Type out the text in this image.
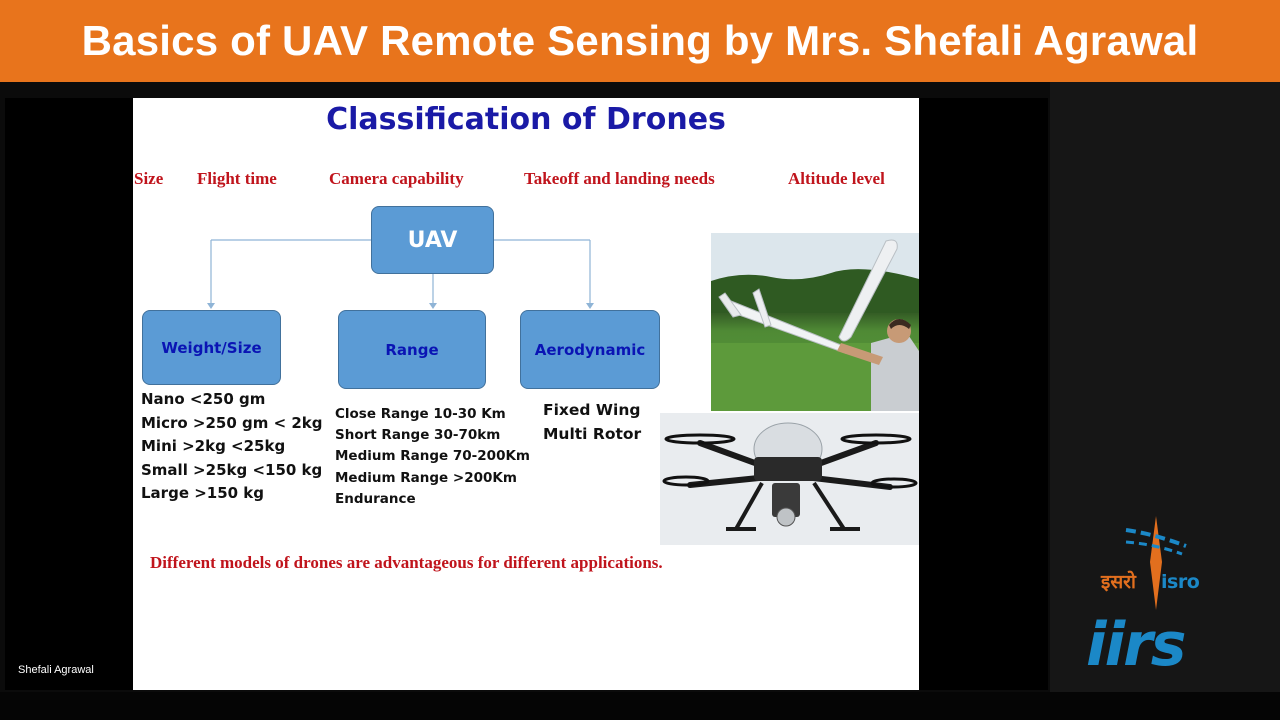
Basics of UAV Remote Sensing by Mrs. Shefali Agrawal
Shefali Agrawal
Classification of Drones
Size Flight time	Camera capability	Takeoff and landing needs	Altitude level
UAV
Weight/Size	Range	Aerodynamic
Nano <250 gm
Micro >250 gm < 2kg
Mini >2kg <25kg
Small >25kg <150 kg
Large >150 kg
Close Range 10-30 Km
Short Range 30-70km
Medium Range 70-200Km
Medium Range >200Km
Endurance
Fixed Wing
Multi Rotor
Different models of drones are advantageous for different applications.
इसरो isro
iirs
